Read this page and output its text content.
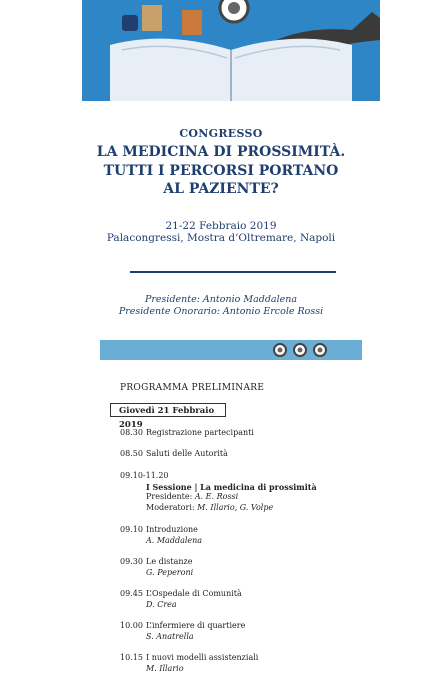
CONGRESSO
LA MEDICINA DI PROSSIMITÀ.
TUTTI I PERCORSI PORTANO
AL PAZIENTE?
21-22 Febbraio 2019
Palacongressi, Mostra d’Oltremare, Napoli
Presidente: Antonio Maddalena
Presidente Onorario: Antonio Ercole Rossi
PROGRAMMA PRELIMINARE
Giovedì 21 Febbraio 2019
08.30 Registrazione partecipanti
08.50 Saluti delle Autorità
09.10-11.20
I Sessione | La medicina di prossimità
Presidente: A. E. Rossi
Moderatori: M. Illario, G. Volpe
09.10 Introduzione
A. Maddalena
09.30 Le distanze
G. Peperoni
09.45 L’Ospedale di Comunità
D. Crea
10.00 L’infermiere di quartiere
S. Anatrella
10.15 I nuovi modelli assistenziali
M. Illario
